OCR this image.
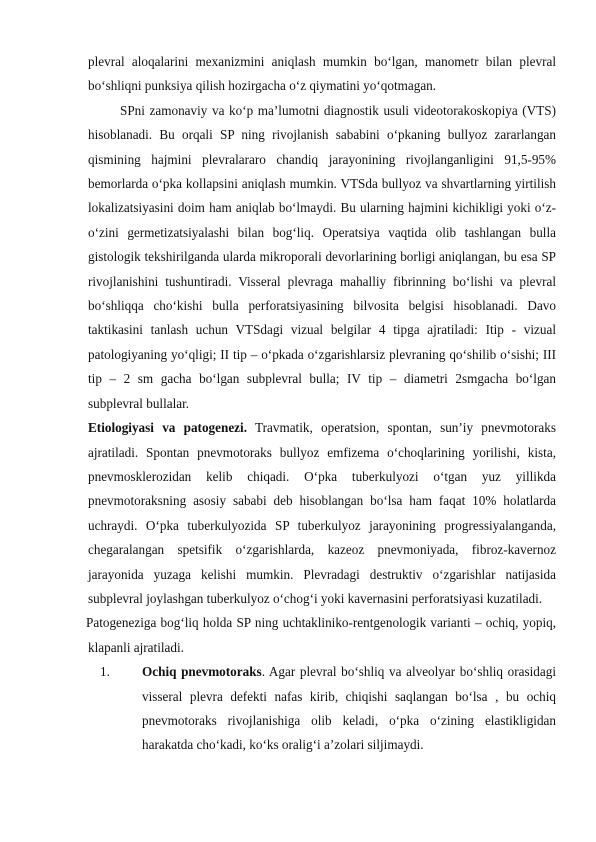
plevral aloqalarini mexanizmini aniqlash mumkin bo‘lgan, manometr bilan plevral bo‘shliqni punksiya qilish hozirgacha o‘z qiymatini yo‘qotmagan.

SPni zamonaviy va ko‘p ma’lumotni diagnostik usuli videotorakoskopiya (VTS) hisoblanadi. Bu orqali SP ning rivojlanish sababini o‘pkaning bullyoz zararlangan qismining hajmini plevralararo chandiq jarayonining rivojlanganligini 91,5-95% bemorlarda o‘pka kollapsini aniqlash mumkin. VTSda bullyoz va shvartlarning yirtilish lokalizatsiyasini doim ham aniqlab bo‘lmaydi. Bu ularning hajmini kichikligi yoki o‘z-o‘zini germetizatsiyalashi bilan bog‘liq. Operatsiya vaqtida olib tashlangan bulla gistologik tekshirilganda ularda mikroporali devorlarining borligi aniqlangan, bu esa SP rivojlanishini tushuntiradi. Visseral plevraga mahalliy fibrinning bo‘lishi va plevral bo‘shliqqa cho‘kishi bulla perforatsiyasining bilvosita belgisi hisoblanadi. Davo taktikasini tanlash uchun VTSdagi vizual belgilar 4 tipga ajratiladi: Itip - vizual patologiyaning yo‘qligi; II tip – o‘pkada o‘zgarishlarsiz plevraning qo‘shilib o‘sishi; III tip – 2 sm gacha bo‘lgan subplevral bulla; IV tip – diametri 2smgacha bo‘lgan subplevral bullalar.

Etiologiyasi va patogenezi. Travmatik, operatsion, spontan, sun’iy pnevmotoraks ajratiladi. Spontan pnevmotoraks bullyoz emfizema o‘choqlarining yorilishi, kista, pnevmosklerozidan kelib chiqadi. O‘pka tuberkulyozi o‘tgan yuz yillikda pnevmotoraksning asosiy sababi deb hisoblangan bo‘lsa ham faqat 10% holatlarda uchraydi. O‘pka tuberkulyozida SP tuberkulyoz jarayonining progressiyalanganda, chegaralangan spetsifik o‘zgarishlarda, kazeoz pnevmoniyada, fibroz-kavernoz jarayonida yuzaga kelishi mumkin. Plevradagi destruktiv o‘zgarishlar natijasida subplevral joylashgan tuberkulyoz o‘chog‘i yoki kavernasini perforatsiyasi kuzatiladi.

Patogeneziga bog‘liq holda SP ning uchtakliniko-rentgenologik varianti – ochiq, yopiq, klapanli ajratiladi.

1. Ochiq pnevmotoraks. Agar plevral bo‘shliq va alveolyar bo‘shliq orasidagi visseral plevra defekti nafas kirib, chiqishi saqlangan bo‘lsa , bu ochiq pnevmotoraks rivojlanishiga olib keladi, o‘pka o‘zining elastikligidan harakatda cho‘kadi, ko‘ks oralig‘i a’zolari siljimaydi.
